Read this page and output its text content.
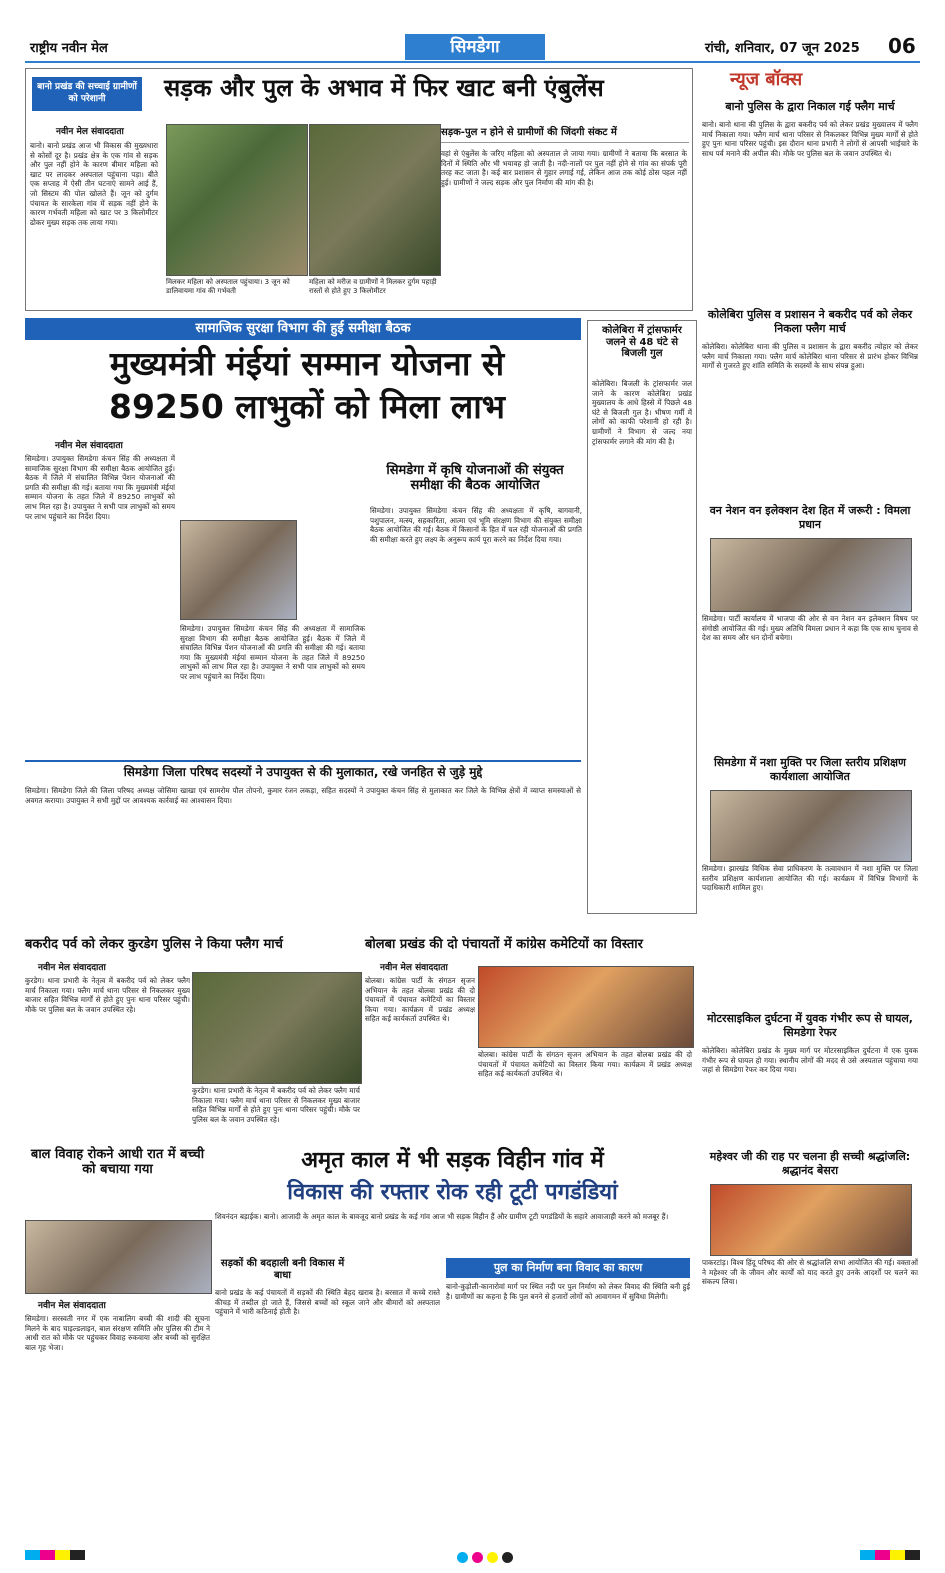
राष्ट्रीय नवीन मेल	सिमडेगा	रांची, शनिवार, 07 जून 2025 06
बानो प्रखंड की सच्चाई ग्रामीणों को परेशानी	सड़क और पुल के अभाव में फिर खाट बनी एंबुलेंस
नवीन मेल संवाददाता
बानो। बानो प्रखंड आज भी विकास की मुख्यधारा से कोसों दूर है। प्रखंड क्षेत्र के एक गांव से सड़क और पुल नहीं होने के कारण बीमार महिला को खाट पर लादकर अस्पताल पहुंचाना पड़ा। बीते एक सप्ताह में ऐसी तीन घटनाएं सामने आई हैं, जो सिस्टम की पोल खोलते हैं। जून को दुर्गम पंचायत के सारकेला गांव में सड़क नहीं होने के कारण गर्भवती महिला को खाट पर 3 किलोमीटर ढोकर मुख्य सड़क तक लाया गया।
मिलकर महिला को अस्पताल पहुंचाया। 3 जून को डालिवायमा गांव की गर्भवती
महिला को मरीज व ग्रामीणों ने मिलकर दुर्गम पहाड़ी रास्तों से होते हुए 3 किलोमीटर
सड़क-पुल न होने से ग्रामीणों की जिंदगी संकट में
वहां से एंबुलेंस के जरिए महिला को अस्पताल ले जाया गया। ग्रामीणों ने बताया कि बरसात के दिनों में स्थिति और भी भयावह हो जाती है। नदी-नालों पर पुल नहीं होने से गांव का संपर्क पूरी तरह कट जाता है। कई बार प्रशासन से गुहार लगाई गई, लेकिन आज तक कोई ठोस पहल नहीं हुई। ग्रामीणों ने जल्द सड़क और पुल निर्माण की मांग की है।
न्यूज बॉक्स
बानो पुलिस के द्वारा निकाल गई फ्लैग मार्च
बानो। बानो थाना की पुलिस के द्वारा बकरीद पर्व को लेकर प्रखंड मुख्यालय में फ्लैग मार्च निकाला गया। फ्लैग मार्च थाना परिसर से निकलकर विभिन्न मुख्य मार्गों से होते हुए पुनः थाना परिसर पहुंची। इस दौरान थाना प्रभारी ने लोगों से आपसी भाईचारे के साथ पर्व मनाने की अपील की। मौके पर पुलिस बल के जवान उपस्थित थे।
कोलेबिरा पुलिस व प्रशासन ने बकरीद पर्व को लेकर निकला फ्लैग मार्च
कोलेबिरा। कोलेबिरा थाना की पुलिस व प्रशासन के द्वारा बकरीद त्योहार को लेकर फ्लैग मार्च निकाला गया। फ्लैग मार्च कोलेबिरा थाना परिसर से प्रारंभ होकर विभिन्न मार्गों से गुजरते हुए शांति समिति के सदस्यों के साथ संपन्न हुआ।
वन नेशन वन इलेक्शन देश हित में जरूरी : विमला प्रधान
सिमडेगा। पार्टी कार्यालय में भाजपा की ओर से वन नेशन वन इलेक्शन विषय पर संगोष्ठी आयोजित की गई। मुख्य अतिथि विमला प्रधान ने कहा कि एक साथ चुनाव से देश का समय और धन दोनों बचेगा।
सिमडेगा में नशा मुक्ति पर जिला स्तरीय प्रशिक्षण कार्यशाला आयोजित
सिमडेगा। झारखंड विधिक सेवा प्राधिकरण के तत्वावधान में नशा मुक्ति पर जिला स्तरीय प्रशिक्षण कार्यशाला आयोजित की गई। कार्यक्रम में विभिन्न विभागों के पदाधिकारी शामिल हुए।
मोटरसाइकिल दुर्घटना में युवक गंभीर रूप से घायल, सिमडेगा रेफर
कोलेबिरा। कोलेबिरा प्रखंड के मुख्य मार्ग पर मोटरसाइकिल दुर्घटना में एक युवक गंभीर रूप से घायल हो गया। स्थानीय लोगों की मदद से उसे अस्पताल पहुंचाया गया जहां से सिमडेगा रेफर कर दिया गया।
महेश्वर जी की राह पर चलना ही सच्ची श्रद्धांजलि: श्रद्धानंद बेसरा
पाकरटांड़। विश्व हिंदू परिषद की ओर से श्रद्धांजलि सभा आयोजित की गई। वक्ताओं ने महेश्वर जी के जीवन और कार्यों को याद करते हुए उनके आदर्शों पर चलने का संकल्प लिया।
सामाजिक सुरक्षा विभाग की हुई समीक्षा बैठक
मुख्यमंत्री मंईयां सम्मान योजना से
89250 लाभुकों को मिला लाभ
नवीन मेल संवाददाता
सिमडेगा। उपायुक्त सिमडेगा कंचन सिंह की अध्यक्षता में सामाजिक सुरक्षा विभाग की समीक्षा बैठक आयोजित हुई। बैठक में जिले में संचालित विभिन्न पेंशन योजनाओं की प्रगति की समीक्षा की गई। बताया गया कि मुख्यमंत्री मंईयां सम्मान योजना के तहत जिले में 89250 लाभुकों को लाभ मिल रहा है। उपायुक्त ने सभी पात्र लाभुकों को समय पर लाभ पहुंचाने का निर्देश दिया।
सिमडेगा। उपायुक्त सिमडेगा कंचन सिंह की अध्यक्षता में सामाजिक सुरक्षा विभाग की समीक्षा बैठक आयोजित हुई। बैठक में जिले में संचालित विभिन्न पेंशन योजनाओं की प्रगति की समीक्षा की गई। बताया गया कि मुख्यमंत्री मंईयां सम्मान योजना के तहत जिले में 89250 लाभुकों को लाभ मिल रहा है। उपायुक्त ने सभी पात्र लाभुकों को समय पर लाभ पहुंचाने का निर्देश दिया।
सिमडेगा में कृषि योजनाओं की संयुक्त समीक्षा की बैठक आयोजित
सिमडेगा। उपायुक्त सिमडेगा कंचन सिंह की अध्यक्षता में कृषि, बागवानी, पशुपालन, मत्स्य, सहकारिता, आत्मा एवं भूमि संरक्षण विभाग की संयुक्त समीक्षा बैठक आयोजित की गई। बैठक में किसानों के हित में चल रही योजनाओं की प्रगति की समीक्षा करते हुए लक्ष्य के अनुरूप कार्य पूरा करने का निर्देश दिया गया।
कोलेबिरा में ट्रांसफार्मर जलने से 48 घंटे से बिजली गुल
कोलेबिरा। बिजली के ट्रांसफार्मर जल जाने के कारण कोलेबिरा प्रखंड मुख्यालय के आधे हिस्से में पिछले 48 घंटे से बिजली गुल है। भीषण गर्मी में लोगों को काफी परेशानी हो रही है। ग्रामीणों ने विभाग से जल्द नया ट्रांसफार्मर लगाने की मांग की है।
सिमडेगा जिला परिषद सदस्यों ने उपायुक्त से की मुलाकात, रखे जनहित से जुड़े मुद्दे
सिमडेगा। सिमडेगा जिले की जिला परिषद अध्यक्ष जोसिमा खाखा एवं सामरोम पौल तोपनो, कुमार रंजन लकड़ा, सहित सदस्यों ने उपायुक्त कंचन सिंह से मुलाकात कर जिले के विभिन्न क्षेत्रों में व्याप्त समस्याओं से अवगत कराया। उपायुक्त ने सभी मुद्दों पर आवश्यक कार्रवाई का आश्वासन दिया।
बकरीद पर्व को लेकर कुरडेग पुलिस ने किया फ्लैग मार्च
नवीन मेल संवाददाता
कुरडेग। थाना प्रभारी के नेतृत्व में बकरीद पर्व को लेकर फ्लैग मार्च निकाला गया। फ्लैग मार्च थाना परिसर से निकलकर मुख्य बाजार सहित विभिन्न मार्गों से होते हुए पुनः थाना परिसर पहुंची। मौके पर पुलिस बल के जवान उपस्थित रहे।
कुरडेग। थाना प्रभारी के नेतृत्व में बकरीद पर्व को लेकर फ्लैग मार्च निकाला गया। फ्लैग मार्च थाना परिसर से निकलकर मुख्य बाजार सहित विभिन्न मार्गों से होते हुए पुनः थाना परिसर पहुंची। मौके पर पुलिस बल के जवान उपस्थित रहे।
बोलबा प्रखंड की दो पंचायतों में कांग्रेस कमेटियों का विस्तार
नवीन मेल संवाददाता
बोलबा। कांग्रेस पार्टी के संगठन सृजन अभियान के तहत बोलबा प्रखंड की दो पंचायतों में पंचायत कमेटियों का विस्तार किया गया। कार्यक्रम में प्रखंड अध्यक्ष सहित कई कार्यकर्ता उपस्थित थे।
बोलबा। कांग्रेस पार्टी के संगठन सृजन अभियान के तहत बोलबा प्रखंड की दो पंचायतों में पंचायत कमेटियों का विस्तार किया गया। कार्यक्रम में प्रखंड अध्यक्ष सहित कई कार्यकर्ता उपस्थित थे।
बाल विवाह रोकने आधी रात में बच्ची को बचाया गया
नवीन मेल संवाददाता
सिमडेगा। सरस्वती नगर में एक नाबालिग बच्ची की शादी की सूचना मिलने के बाद चाइल्डलाइन, बाल संरक्षण समिति और पुलिस की टीम ने आधी रात को मौके पर पहुंचकर विवाह रुकवाया और बच्ची को सुरक्षित बाल गृह भेजा।
अमृत काल में भी सड़क विहीन गांव में
विकास की रफ्तार रोक रही टूटी पगडंडियां
शिवनंदन बड़ाईक। बानो। आजादी के अमृत काल के बावजूद बानो प्रखंड के कई गांव आज भी सड़क विहीन हैं और ग्रामीण टूटी पगडंडियों के सहारे आवाजाही करने को मजबूर हैं।
सड़कों की बदहाली बनी विकास में बाधा
बानो प्रखंड के कई पंचायतों में सड़कों की स्थिति बेहद खराब है। बरसात में कच्चे रास्ते कीचड़ में तब्दील हो जाते हैं, जिससे बच्चों को स्कूल जाने और बीमारों को अस्पताल पहुंचाने में भारी कठिनाई होती है।
पुल का निर्माण बना विवाद का कारण
बानो-कुड़ोली-कानारोवां मार्ग पर स्थित नदी पर पुल निर्माण को लेकर विवाद की स्थिति बनी हुई है। ग्रामीणों का कहना है कि पुल बनने से हजारों लोगों को आवागमन में सुविधा मिलेगी।
